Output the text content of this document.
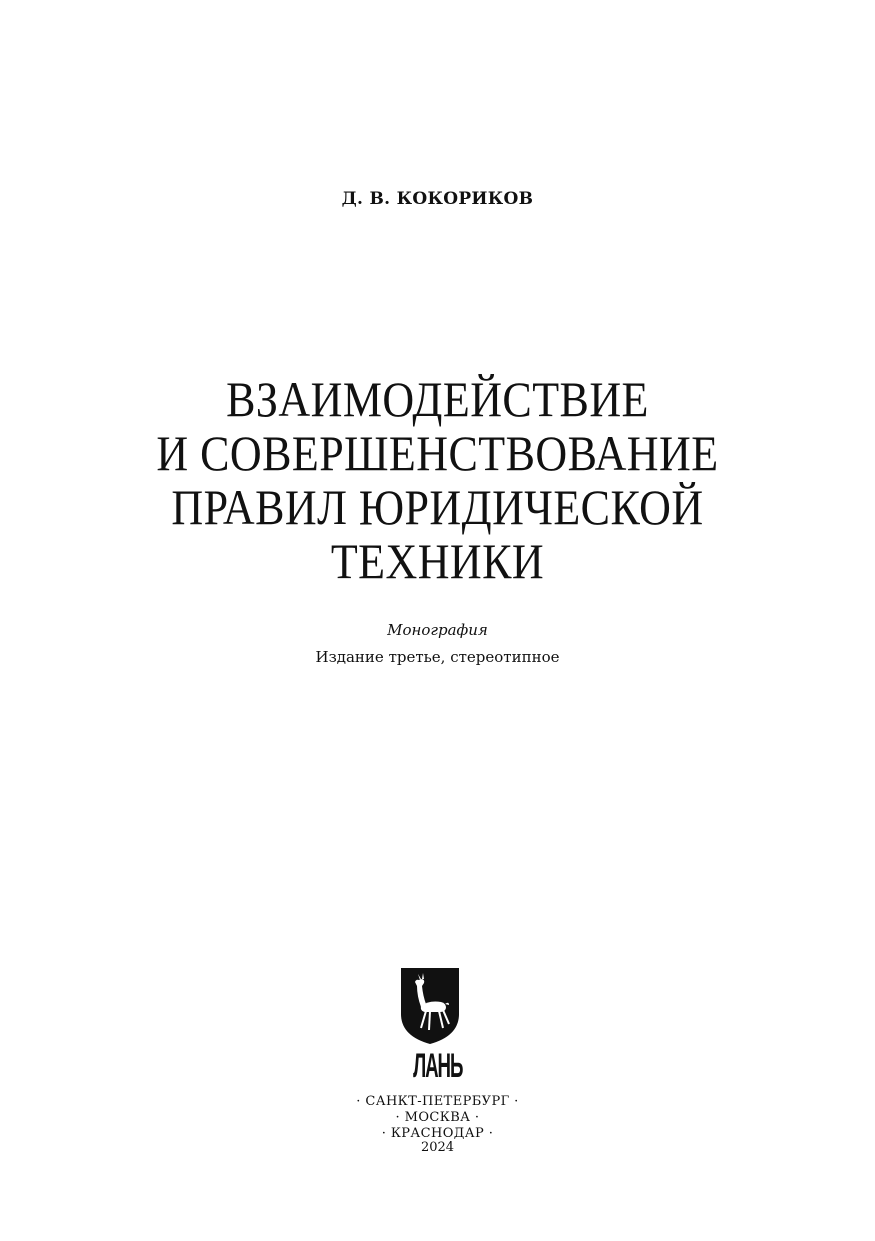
Д. В. КОКОРИКОВ
ВЗАИМОДЕЙСТВИЕ
И СОВЕРШЕНСТВОВАНИЕ
ПРАВИЛ ЮРИДИЧЕСКОЙ
ТЕХНИКИ
Монография
Издание третье, стереотипное
ЛАНЬ
· САНКТ-ПЕТЕРБУРГ ·
· МОСКВА ·
· КРАСНОДАР ·
2024
